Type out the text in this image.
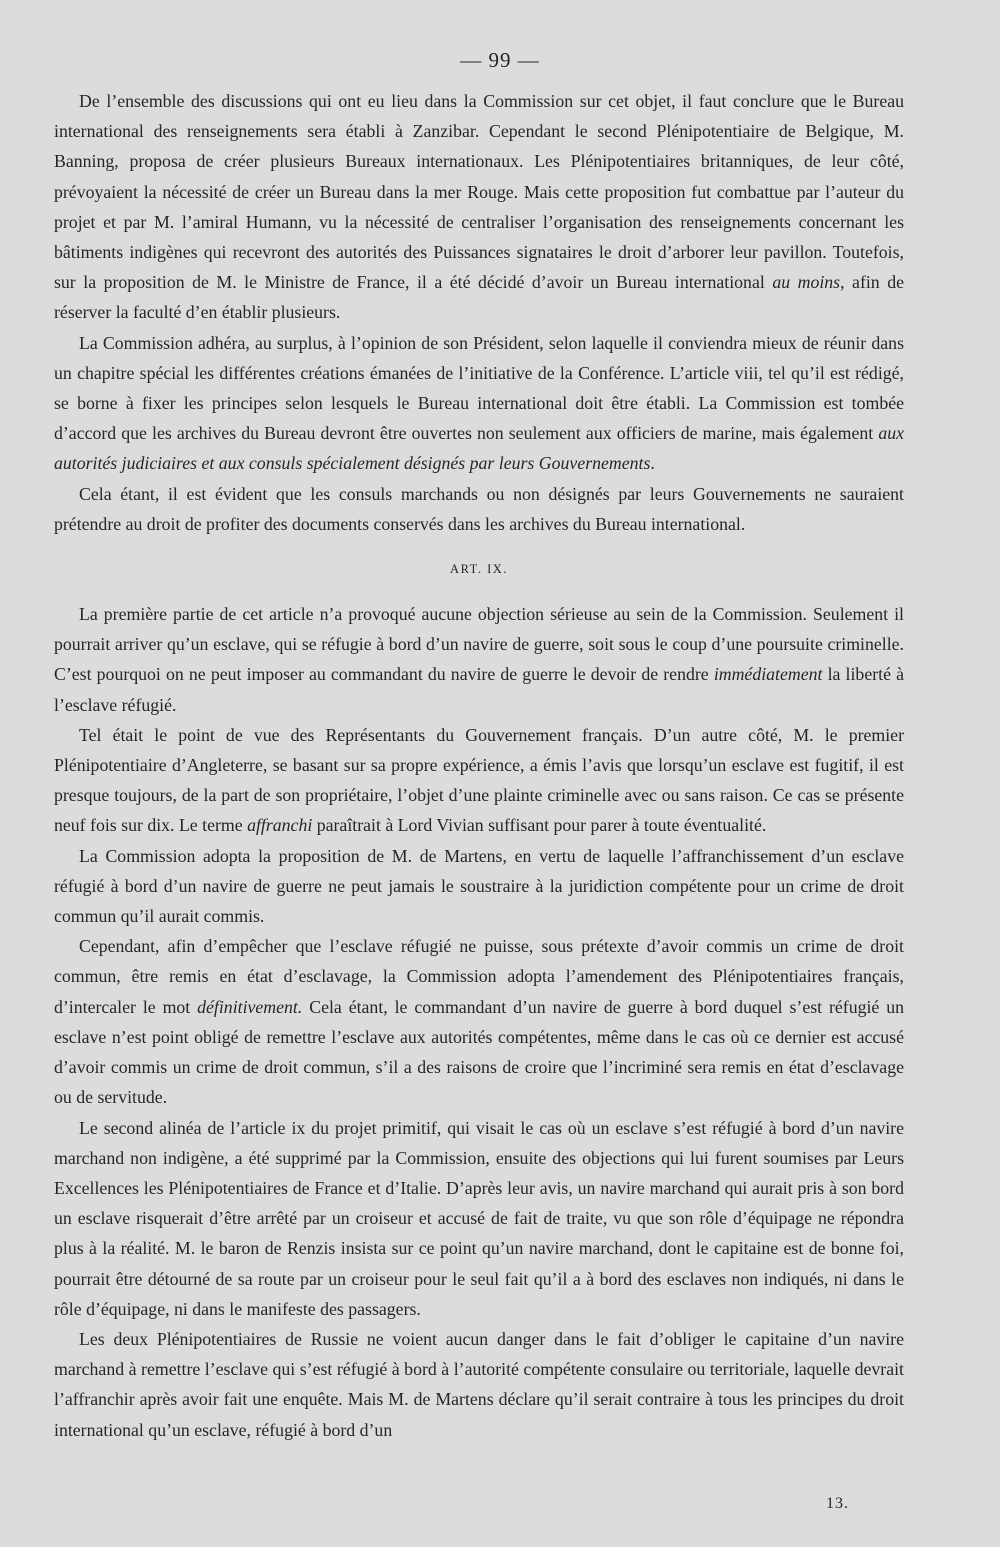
— 99 —

De l’ensemble des discussions qui ont eu lieu dans la Commission sur cet objet, il faut conclure que le Bureau international des renseignements sera établi à Zanzibar. Cependant le second Plénipotentiaire de Belgique, M. Banning, proposa de créer plusieurs Bureaux internationaux. Les Plénipotentiaires britanniques, de leur côté, prévoyaient la nécessité de créer un Bureau dans la mer Rouge. Mais cette proposition fut combattue par l’auteur du projet et par M. l’amiral Humann, vu la nécessité de centraliser l’organisation des renseignements concernant les bâtiments indigènes qui recevront des autorités des Puissances signataires le droit d’arborer leur pavillon. Toutefois, sur la proposition de M. le Ministre de France, il a été décidé d’avoir un Bureau international au moins, afin de réserver la faculté d’en établir plusieurs.

La Commission adhéra, au surplus, à l’opinion de son Président, selon laquelle il conviendra mieux de réunir dans un chapitre spécial les différentes créations émanées de l’initiative de la Conférence. L’article viii, tel qu’il est rédigé, se borne à fixer les principes selon lesquels le Bureau international doit être établi. La Commission est tombée d’accord que les archives du Bureau devront être ouvertes non seulement aux officiers de marine, mais également aux autorités judiciaires et aux consuls spécialement désignés par leurs Gouvernements.

Cela étant, il est évident que les consuls marchands ou non désignés par leurs Gouvernements ne sauraient prétendre au droit de profiter des documents conservés dans les archives du Bureau international.

ART. IX.

La première partie de cet article n’a provoqué aucune objection sérieuse au sein de la Commission. Seulement il pourrait arriver qu’un esclave, qui se réfugie à bord d’un navire de guerre, soit sous le coup d’une poursuite criminelle. C’est pourquoi on ne peut imposer au commandant du navire de guerre le devoir de rendre immédiatement la liberté à l’esclave réfugié.

Tel était le point de vue des Représentants du Gouvernement français. D’un autre côté, M. le premier Plénipotentiaire d’Angleterre, se basant sur sa propre expérience, a émis l’avis que lorsqu’un esclave est fugitif, il est presque toujours, de la part de son propriétaire, l’objet d’une plainte criminelle avec ou sans raison. Ce cas se présente neuf fois sur dix. Le terme affranchi paraîtrait à Lord Vivian suffisant pour parer à toute éventualité.

La Commission adopta la proposition de M. de Martens, en vertu de laquelle l’affranchissement d’un esclave réfugié à bord d’un navire de guerre ne peut jamais le soustraire à la juridiction compétente pour un crime de droit commun qu’il aurait commis.

Cependant, afin d’empêcher que l’esclave réfugié ne puisse, sous prétexte d’avoir commis un crime de droit commun, être remis en état d’esclavage, la Commission adopta l’amendement des Plénipotentiaires français, d’intercaler le mot définitivement. Cela étant, le commandant d’un navire de guerre à bord duquel s’est réfugié un esclave n’est point obligé de remettre l’esclave aux autorités compétentes, même dans le cas où ce dernier est accusé d’avoir commis un crime de droit commun, s’il a des raisons de croire que l’incriminé sera remis en état d’esclavage ou de servitude.

Le second alinéa de l’article ix du projet primitif, qui visait le cas où un esclave s’est réfugié à bord d’un navire marchand non indigène, a été supprimé par la Commission, ensuite des objections qui lui furent soumises par Leurs Excellences les Plénipotentiaires de France et d’Italie. D’après leur avis, un navire marchand qui aurait pris à son bord un esclave risquerait d’être arrêté par un croiseur et accusé de fait de traite, vu que son rôle d’équipage ne répondra plus à la réalité. M. le baron de Renzis insista sur ce point qu’un navire marchand, dont le capitaine est de bonne foi, pourrait être détourné de sa route par un croiseur pour le seul fait qu’il a à bord des esclaves non indiqués, ni dans le rôle d’équipage, ni dans le manifeste des passagers.

Les deux Plénipotentiaires de Russie ne voient aucun danger dans le fait d’obliger le capitaine d’un navire marchand à remettre l’esclave qui s’est réfugié à bord à l’autorité compétente consulaire ou territoriale, laquelle devrait l’affranchir après avoir fait une enquête. Mais M. de Martens déclare qu’il serait contraire à tous les principes du droit international qu’un esclave, réfugié à bord d’un

13.
